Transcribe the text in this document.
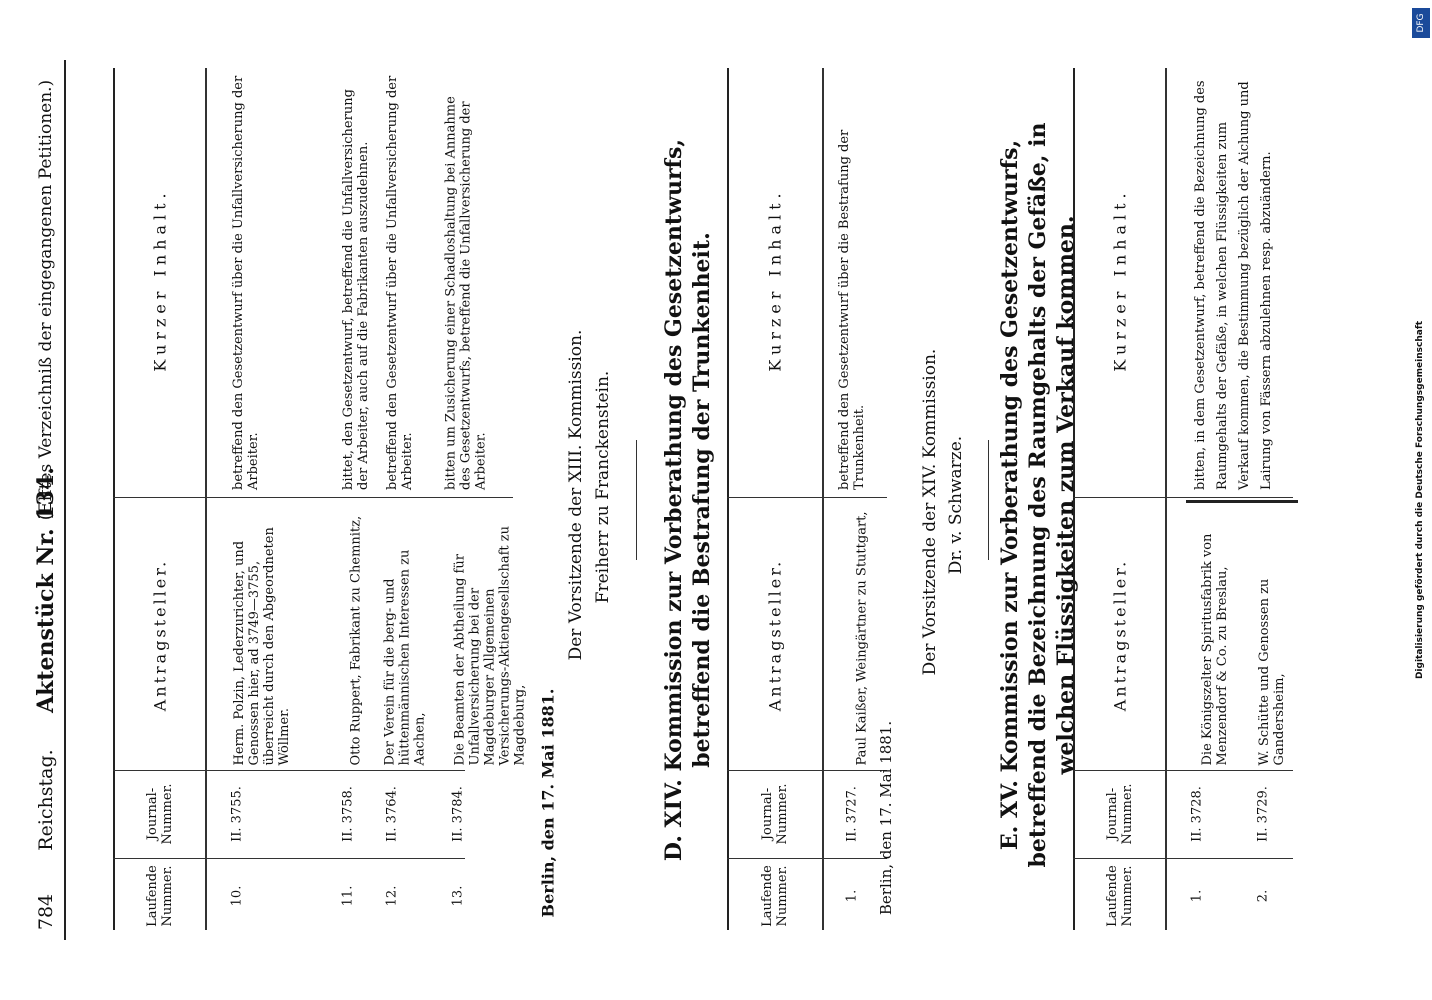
784
Reichstag.
Aktenstück Nr. 134.
(Elftes Verzeichniß der eingegangenen Petitionen.)
Laufende Nummer.
Journal-Nummer.
Antragsteller.
Kurzer Inhalt.
10.
II. 3755.
Herm. Polzin, Lederzurichter, und Genossen hier, ad 3749—3755, überreicht durch den Abgeordneten Wöllmer.
betreffend den Gesetzentwurf über die Unfallversicherung der Arbeiter.
11.
II. 3758.
Otto Ruppert, Fabrikant zu Chemnitz,
bittet, den Gesetzentwurf, betreffend die Unfallversicherung der Arbeiter, auch auf die Fabrikanten auszudehnen.
12.
II. 3764.
Der Verein für die berg- und hüttenmännischen Interessen zu Aachen,
betreffend den Gesetzentwurf über die Unfallversicherung der Arbeiter.
13.
II. 3784.
Die Beamten der Abtheilung für Unfallversicherung bei der Magdeburger Allgemeinen Versicherungs-Aktiengesellschaft zu Magdeburg,
bitten um Zusicherung einer Schadloshaltung bei Annahme des Gesetzentwurfs, betreffend die Unfallversicherung der Arbeiter.
Berlin, den 17. Mai 1881.
Der Vorsitzende der XIII. Kommission. Freiherr zu Franckenstein. D. XIV. Kommission zur Vorberathung des Gesetzentwurfs, betreffend die Bestrafung der Trunkenheit.
Laufende Nummer.
Journal-Nummer.
Antragsteller.
Kurzer Inhalt.
1.
II. 3727.
Paul Kaißer, Weingärtner zu Stuttgart,
betreffend den Gesetzentwurf über die Bestrafung der Trunkenheit.
Berlin, den 17. Mai 1881.
Der Vorsitzende der XIV. Kommission. Dr. v. Schwarze. E. XV. Kommission zur Vorberathung des Gesetzentwurfs, betreffend die Bezeichnung des Raumgehalts der Gefäße, in welchen Flüssigkeiten zum Verkauf kommen.
Laufende Nummer.
Journal-Nummer.
Antragsteller.
Kurzer Inhalt.
1.
II. 3728.
Die Königszelter Spiritusfabrik von Menzendorf & Co. zu Breslau,
2.
II. 3729.
W. Schütte und Genossen zu Gandersheim,
bitten, in dem Gesetzentwurf, betreffend die Bezeichnung des Raumgehalts der Gefäße, in welchen Flüssigkeiten zum Verkauf kommen, die Bestimmung bezüglich der Aichung und Lairung von Fässern abzulehnen resp. abzuändern.
Digitalisierung gefördert durch die Deutsche Forschungsgemeinschaft
DFG
